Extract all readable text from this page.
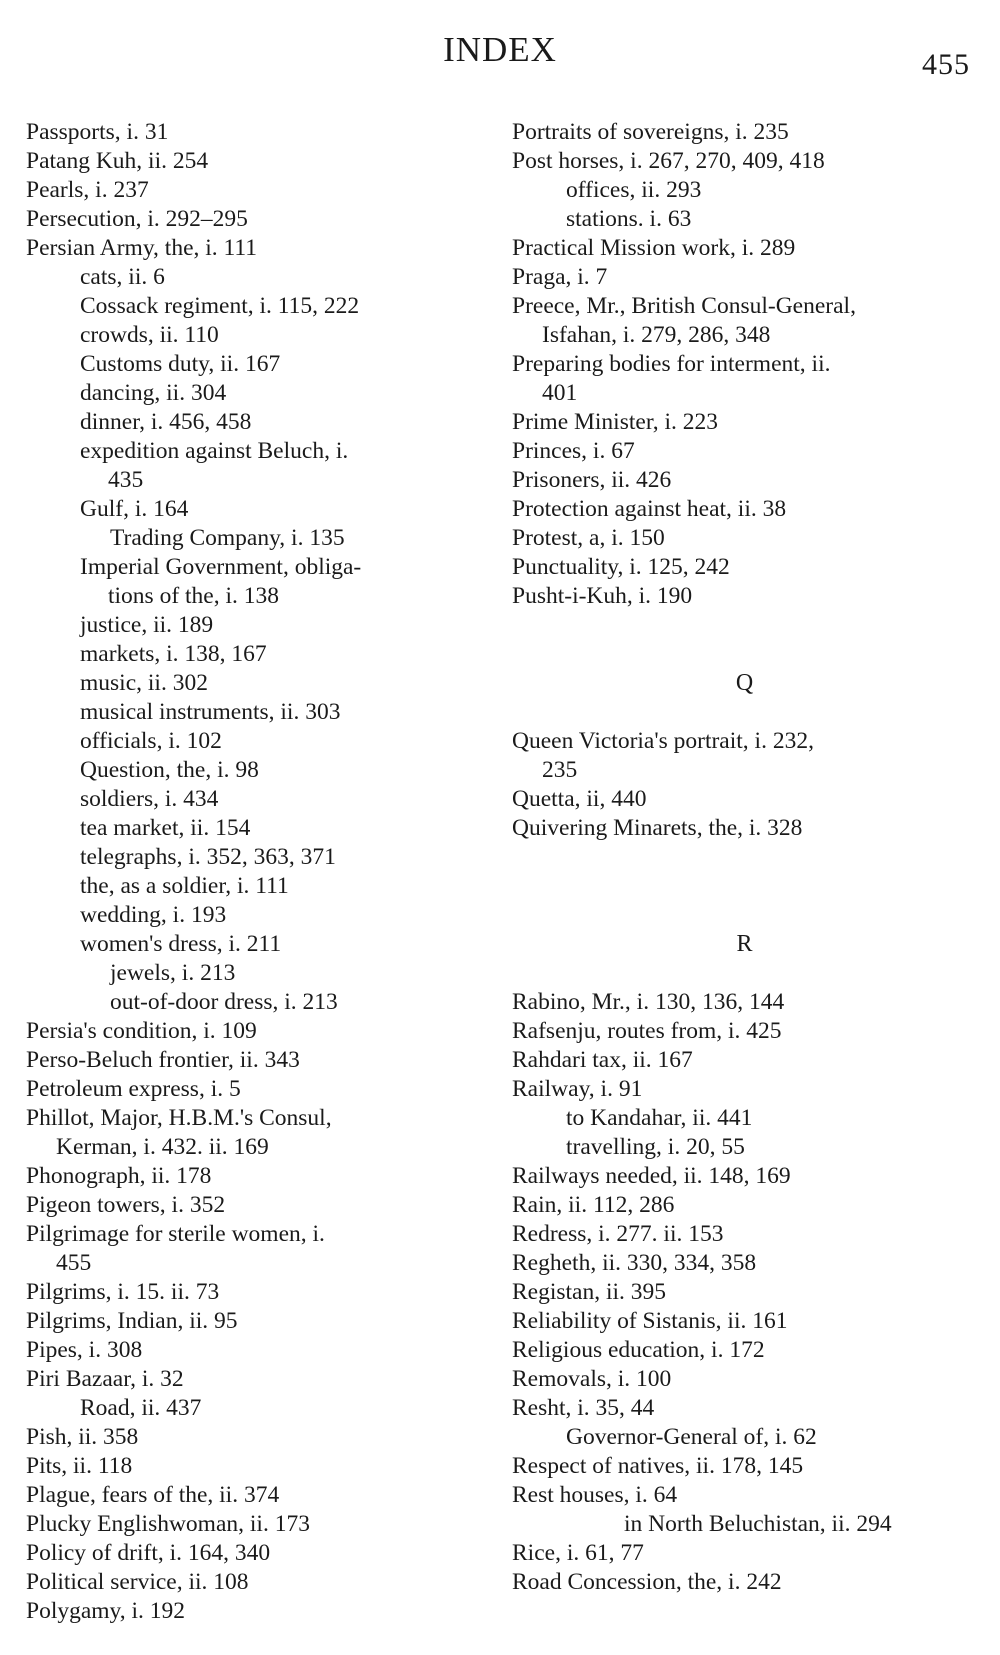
INDEX	455
Passports, i. 31
Patang Kuh, ii. 254
Pearls, i. 237
Persecution, i. 292–295
Persian Army, the, i. 111
cats, ii. 6
Cossack regiment, i. 115, 222
crowds, ii. 110
Customs duty, ii. 167
dancing, ii. 304
dinner, i. 456, 458
expedition against Beluch, i.
435
Gulf, i. 164
Trading Company, i. 135
Imperial Government, obliga-
tions of the, i. 138
justice, ii. 189
markets, i. 138, 167
music, ii. 302
musical instruments, ii. 303
officials, i. 102
Question, the, i. 98
soldiers, i. 434
tea market, ii. 154
telegraphs, i. 352, 363, 371
the, as a soldier, i. 111
wedding, i. 193
women's dress, i. 211
jewels, i. 213
out-of-door dress, i. 213
Persia's condition, i. 109
Perso-Beluch frontier, ii. 343
Petroleum express, i. 5
Phillot, Major, H.B.M.'s Consul,
Kerman, i. 432. ii. 169
Phonograph, ii. 178
Pigeon towers, i. 352
Pilgrimage for sterile women, i.
455
Pilgrims, i. 15. ii. 73
Pilgrims, Indian, ii. 95
Pipes, i. 308
Piri Bazaar, i. 32
Road, ii. 437
Pish, ii. 358
Pits, ii. 118
Plague, fears of the, ii. 374
Plucky Englishwoman, ii. 173
Policy of drift, i. 164, 340
Political service, ii. 108
Polygamy, i. 192
Portraits of sovereigns, i. 235
Post horses, i. 267, 270, 409, 418
offices, ii. 293
stations. i. 63
Practical Mission work, i. 289
Praga, i. 7
Preece, Mr., British Consul-General,
Isfahan, i. 279, 286, 348
Preparing bodies for interment, ii.
401
Prime Minister, i. 223
Princes, i. 67
Prisoners, ii. 426
Protection against heat, ii. 38
Protest, a, i. 150
Punctuality, i. 125, 242
Pusht-i-Kuh, i. 190
Q
Queen Victoria's portrait, i. 232,
235
Quetta, ii, 440
Quivering Minarets, the, i. 328
R
Rabino, Mr., i. 130, 136, 144
Rafsenju, routes from, i. 425
Rahdari tax, ii. 167
Railway, i. 91
to Kandahar, ii. 441
travelling, i. 20, 55
Railways needed, ii. 148, 169
Rain, ii. 112, 286
Redress, i. 277. ii. 153
Regheth, ii. 330, 334, 358
Registan, ii. 395
Reliability of Sistanis, ii. 161
Religious education, i. 172
Removals, i. 100
Resht, i. 35, 44
Governor-General of, i. 62
Respect of natives, ii. 178, 145
Rest houses, i. 64
in North Beluchistan, ii. 294
Rice, i. 61, 77
Road Concession, the, i. 242
